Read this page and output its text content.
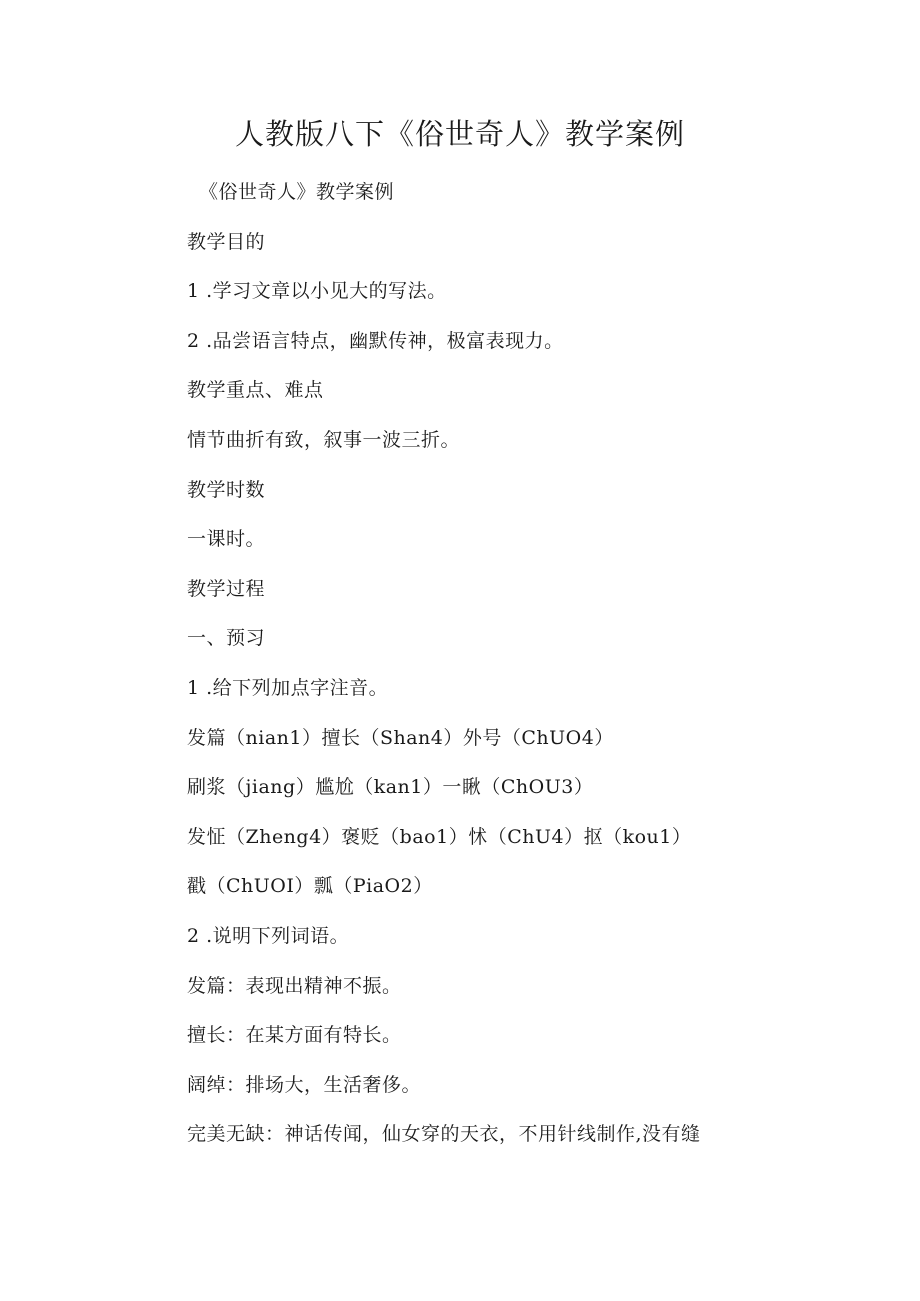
人教版八下《俗世奇人》教学案例
《俗世奇人》教学案例
教学目的
1 .学习文章以小见大的写法。
2 .品尝语言特点，幽默传神，极富表现力。
教学重点、难点
情节曲折有致，叙事一波三折。
教学时数
一课时。
教学过程
一、预习
1 .给下列加点字注音。
发篇（nian1）擅长（Shan4）外号（ChUO4）
刷浆（jiang）尴尬（kan1）一瞅（ChOU3）
发怔（Zheng4）褒贬（bao1）怵（ChU4）抠（kou1）
戳（ChUOI）瓢（PiaO2）
2 .说明下列词语。
发篇：表现出精神不振。
擅长：在某方面有特长。
阔绰：排场大，生活奢侈。
完美无缺：神话传闻，仙女穿的天衣，不用针线制作,没有缝
